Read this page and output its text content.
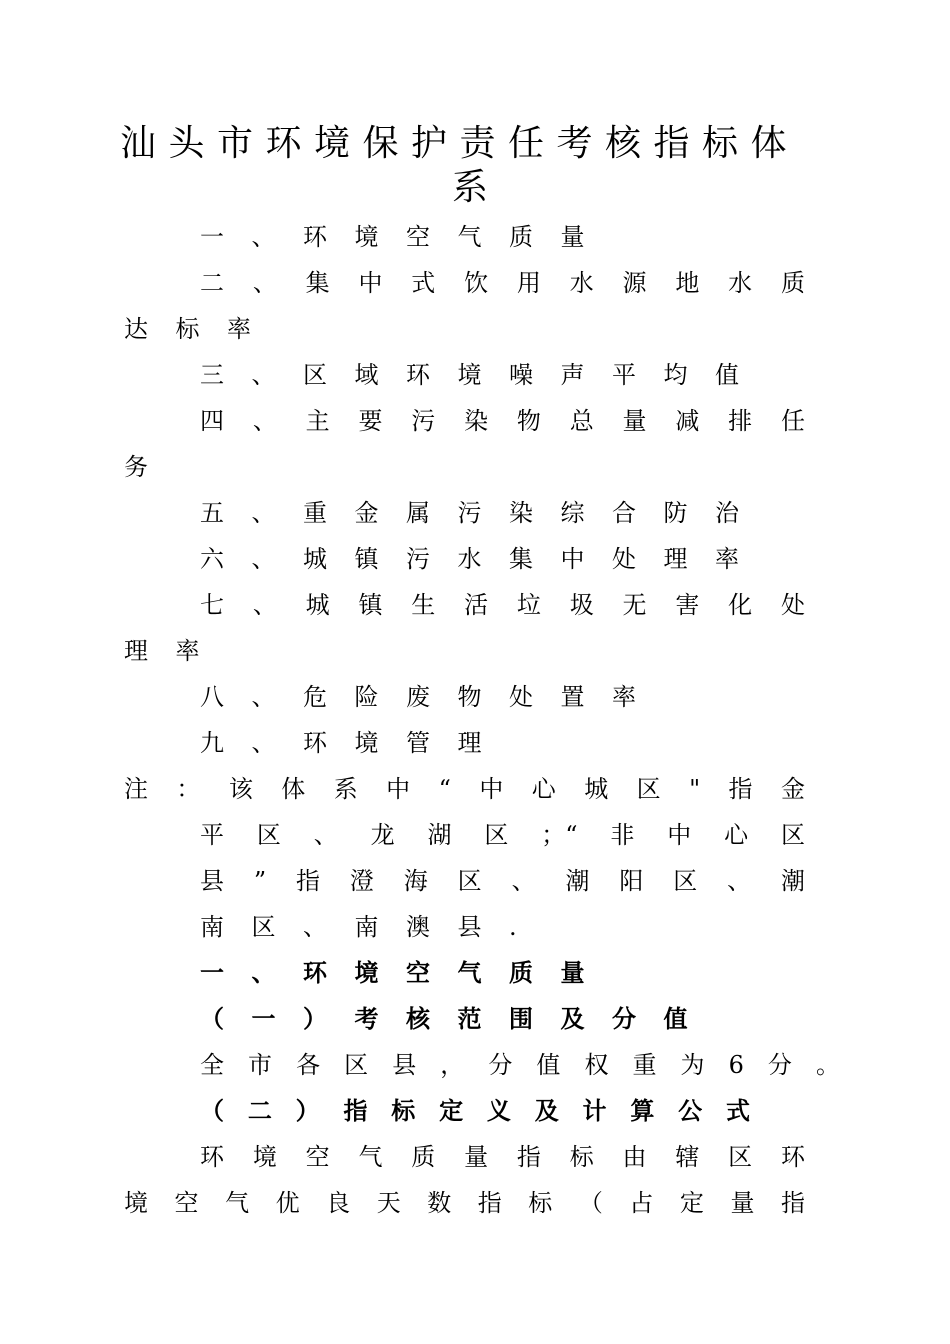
汕头市环境保护责任考核指标体
系
一、环境空气质量
二、集中式饮用水源地水质
达标率
三、区域环境噪声平均值
四、主要污染物总量减排任
务
五、重金属污染综合防治
六、城镇污水集中处理率
七、城镇生活垃圾无害化处
理率
八、危险废物处置率
九、环境管理
注：该体系中“中心城区"指金
平区、龙湖区；“非中心区
县”指澄海区、潮阳区、潮
南区、南澳县.
一、环境空气质量
（一）考核范围及分值
全市各区县，分值权重为6分。
（二）指标定义及计算公式
环境空气质量指标由辖区环
境空气优良天数指标（占定量指
